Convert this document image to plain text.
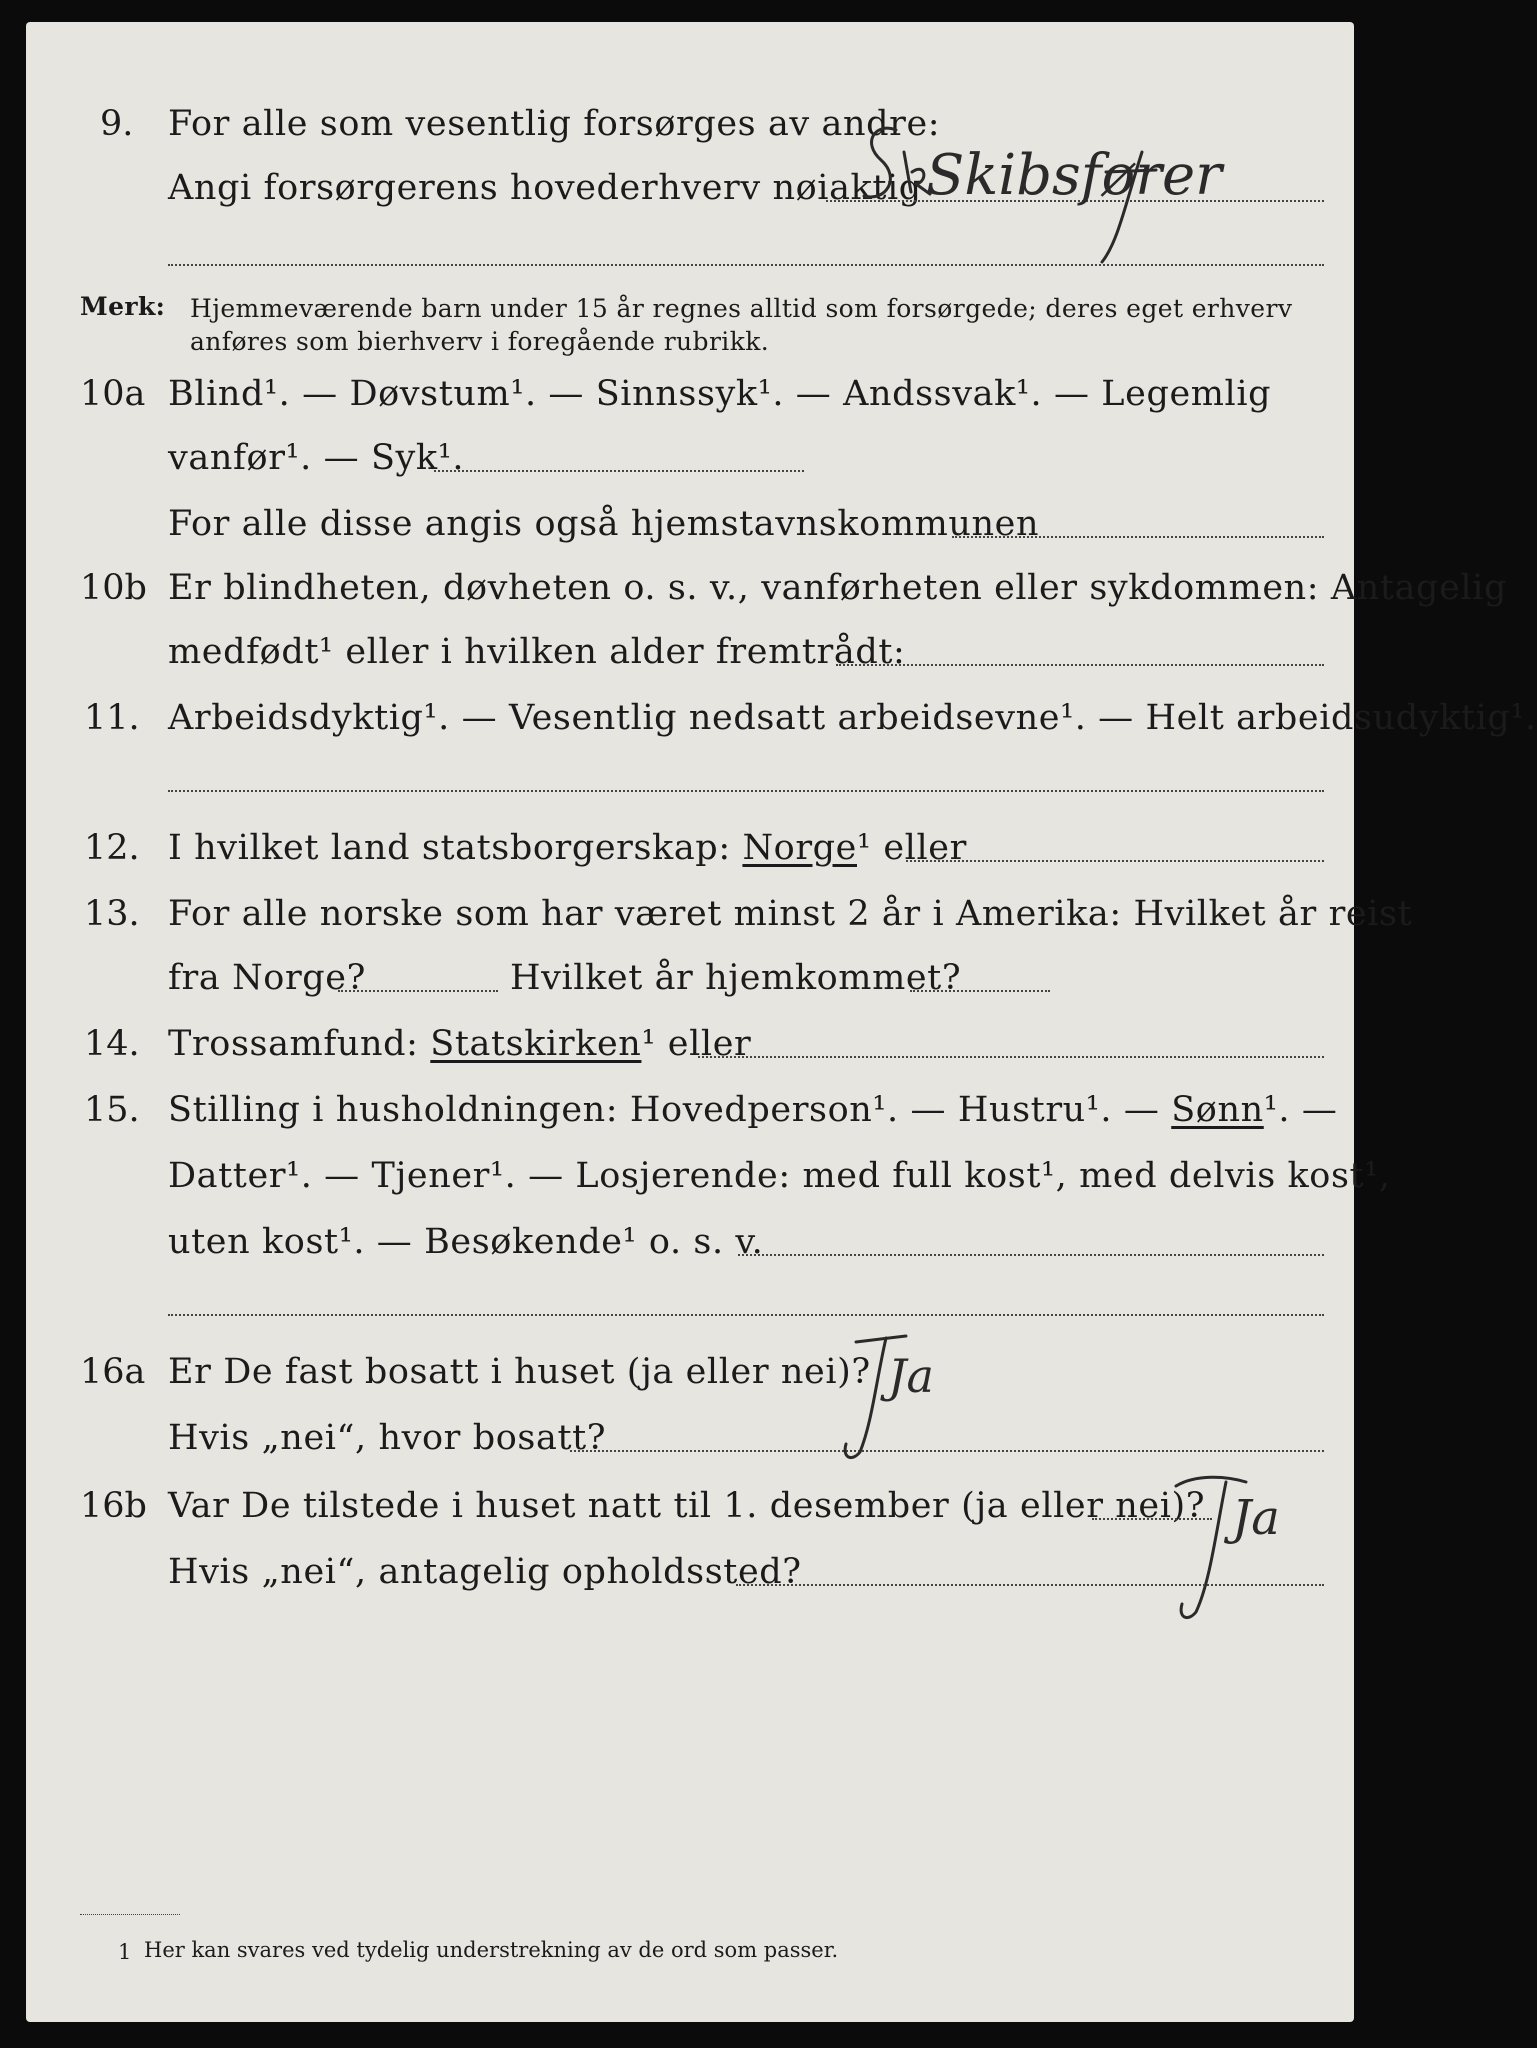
9. For alle som vesentlig forsørges av andre:
Angi forsørgerens hovederhverv nøiaktig Skibsfører
Merk: Hjemmeværende barn under 15 år regnes alltid som forsørgede; deres eget erhverv
anføres som bierhverv i foregående rubrikk.
10a Blind¹. — Døvstum¹. — Sinnssyk¹. — Andssvak¹. — Legemlig
vanfør¹. — Syk¹.
For alle disse angis også hjemstavnskommunen
10b Er blindheten, døvheten o. s. v., vanførheten eller sykdommen: Antagelig
medfødt¹ eller i hvilken alder fremtrådt:
11. Arbeidsdyktig¹. — Vesentlig nedsatt arbeidsevne¹. — Helt arbeidsudyktig¹.
12. I hvilket land statsborgerskap: Norge¹ eller
13. For alle norske som har været minst 2 år i Amerika: Hvilket år reist
fra Norge?	Hvilket år hjemkommet?
14. Trossamfund: Statskirken¹ eller
15. Stilling i husholdningen: Hovedperson¹. — Hustru¹. — Sønn¹. —
Datter¹. — Tjener¹. — Losjerende: med full kost¹, med delvis kost¹,
uten kost¹. — Besøkende¹ o. s. v.
16a Er De fast bosatt i huset (ja eller nei)?
Hvis „nei“, hvor bosatt?
Ja
16b Var De tilstede i huset natt til 1. desember (ja eller nei)? Ja
Hvis „nei“, antagelig opholdssted?
1 Her kan svares ved tydelig understrekning av de ord som passer.
